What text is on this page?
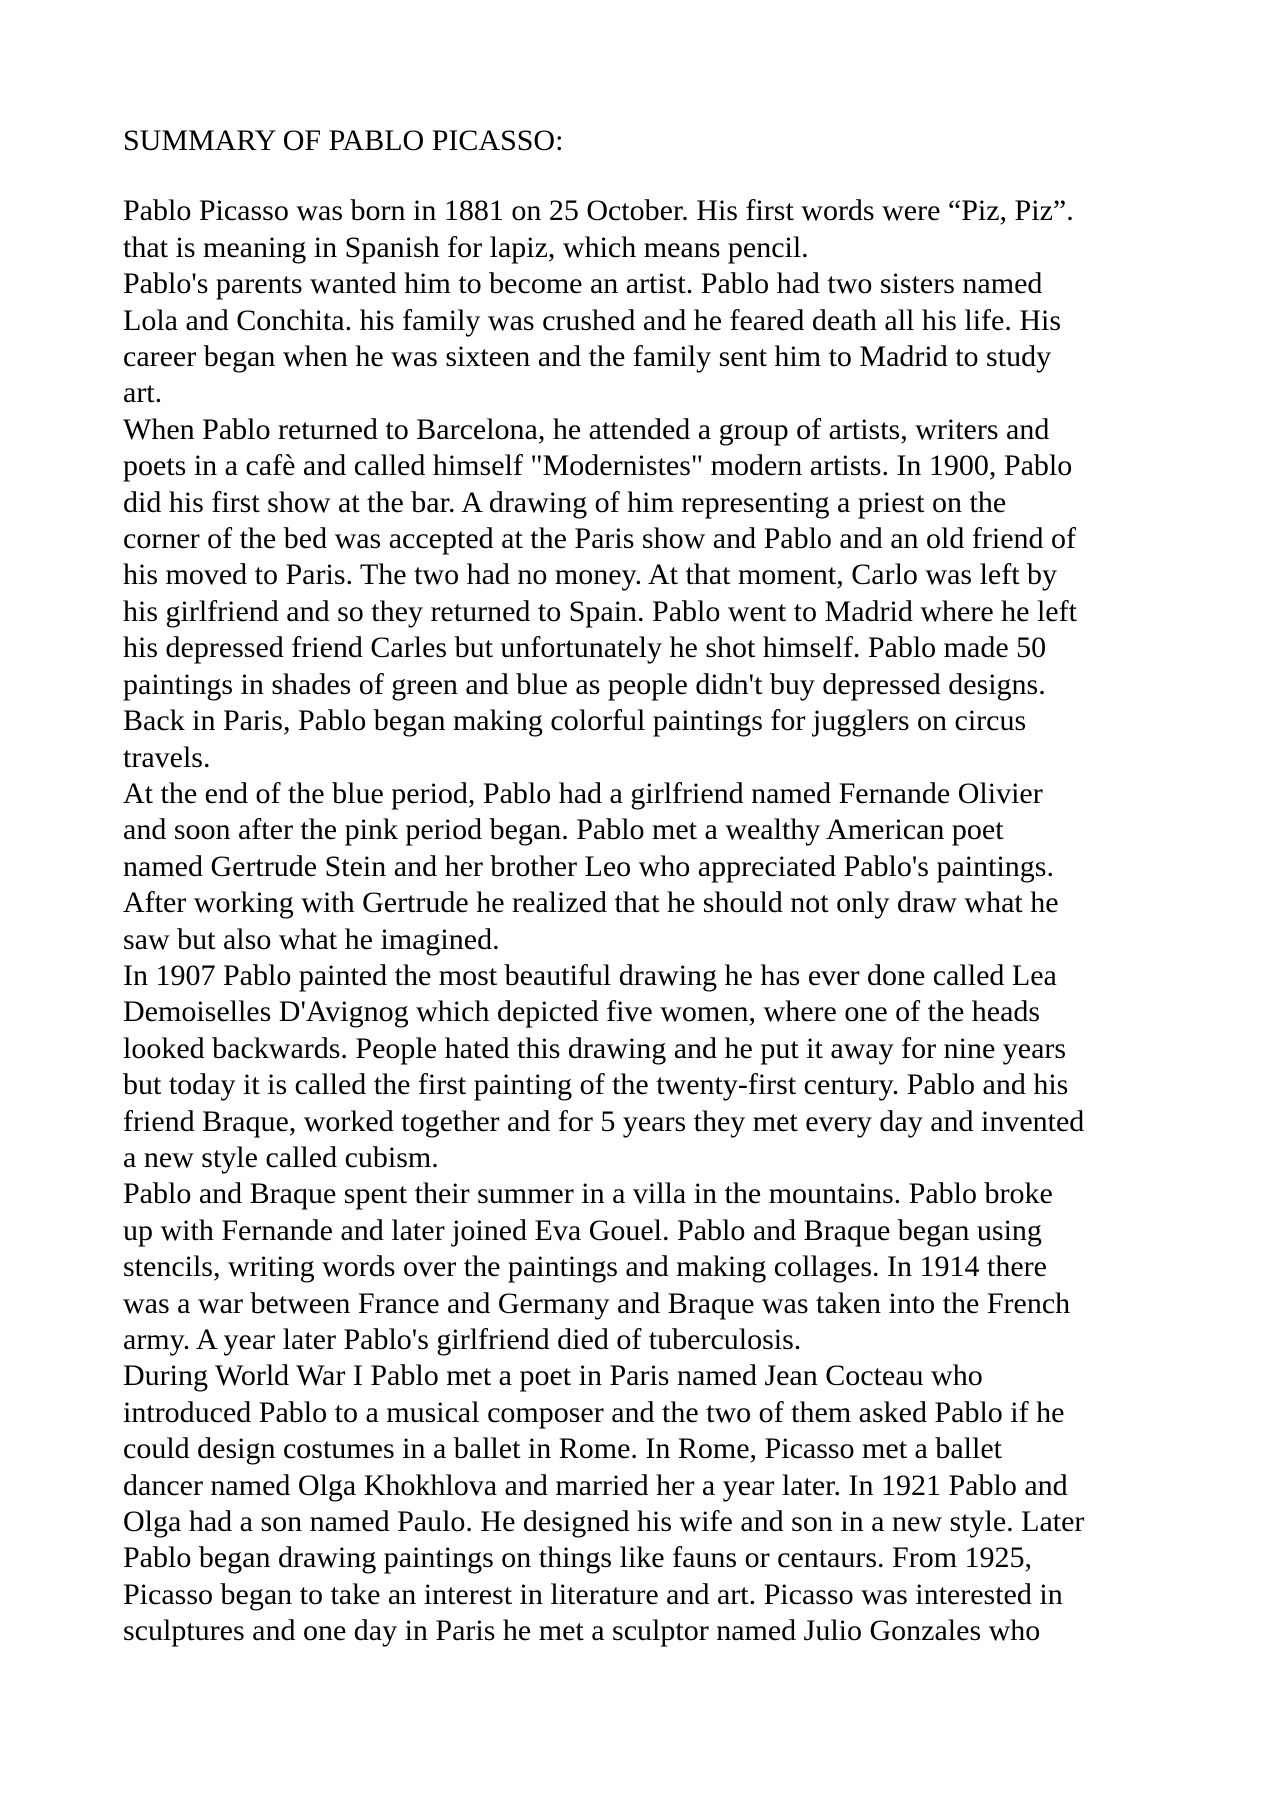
SUMMARY OF PABLO PICASSO:
Pablo Picasso was born in 1881 on 25 October. His first words were “Piz, Piz”.
that is meaning in Spanish for lapiz, which means pencil.
Pablo's parents wanted him to become an artist. Pablo had two sisters named
Lola and Conchita. his family was crushed and he feared death all his life. His
career began when he was sixteen and the family sent him to Madrid to study
art.
When Pablo returned to Barcelona, he attended a group of artists, writers and
poets in a cafè and called himself "Modernistes" modern artists. In 1900, Pablo
did his first show at the bar. A drawing of him representing a priest on the
corner of the bed was accepted at the Paris show and Pablo and an old friend of
his moved to Paris. The two had no money. At that moment, Carlo was left by
his girlfriend and so they returned to Spain. Pablo went to Madrid where he left
his depressed friend Carles but unfortunately he shot himself. Pablo made 50
paintings in shades of green and blue as people didn't buy depressed designs.
Back in Paris, Pablo began making colorful paintings for jugglers on circus
travels.
At the end of the blue period, Pablo had a girlfriend named Fernande Olivier
and soon after the pink period began. Pablo met a wealthy American poet
named Gertrude Stein and her brother Leo who appreciated Pablo's paintings.
After working with Gertrude he realized that he should not only draw what he
saw but also what he imagined.
In 1907 Pablo painted the most beautiful drawing he has ever done called Lea
Demoiselles D'Avignog which depicted five women, where one of the heads
looked backwards. People hated this drawing and he put it away for nine years
but today it is called the first painting of the twenty-first century. Pablo and his
friend Braque, worked together and for 5 years they met every day and invented
a new style called cubism.
Pablo and Braque spent their summer in a villa in the mountains. Pablo broke
up with Fernande and later joined Eva Gouel. Pablo and Braque began using
stencils, writing words over the paintings and making collages. In 1914 there
was a war between France and Germany and Braque was taken into the French
army. A year later Pablo's girlfriend died of tuberculosis.
During World War I Pablo met a poet in Paris named Jean Cocteau who
introduced Pablo to a musical composer and the two of them asked Pablo if he
could design costumes in a ballet in Rome. In Rome, Picasso met a ballet
dancer named Olga Khokhlova and married her a year later. In 1921 Pablo and
Olga had a son named Paulo. He designed his wife and son in a new style. Later
Pablo began drawing paintings on things like fauns or centaurs. From 1925,
Picasso began to take an interest in literature and art. Picasso was interested in
sculptures and one day in Paris he met a sculptor named Julio Gonzales who
